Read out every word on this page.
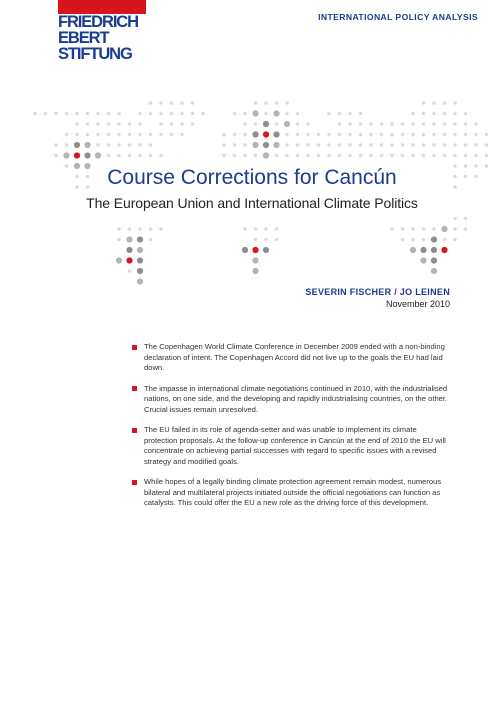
FRIEDRICH
EBERT
STIFTUNG
INTERNATIONAL POLICY ANALYSIS
Course Corrections for Cancún
The European Union and International Climate Politics
SEVERIN FISCHER / JO LEINEN
November 2010
The Copenhagen World Climate Conference in December 2009 ended with a non-binding declaration of intent. The Copenhagen Accord did not live up to the goals the EU had laid down.
The impasse in international climate negotiations continued in 2010, with the industrialised nations, on one side, and the developing and rapidly industrialising countries, on the other. Crucial issues remain unresolved.
The EU failed in its role of agenda-setter and was unable to implement its climate protection proposals. At the follow-up conference in Cancún at the end of 2010 the EU will concentrate on achieving partial successes with regard to specific issues with a revised strategy and modified goals.
While hopes of a legally binding climate protection agreement remain modest, numerous bilateral and multilateral projects initiated outside the official negotiations can function as catalysts. This could offer the EU a new role as the driving force of this development.
